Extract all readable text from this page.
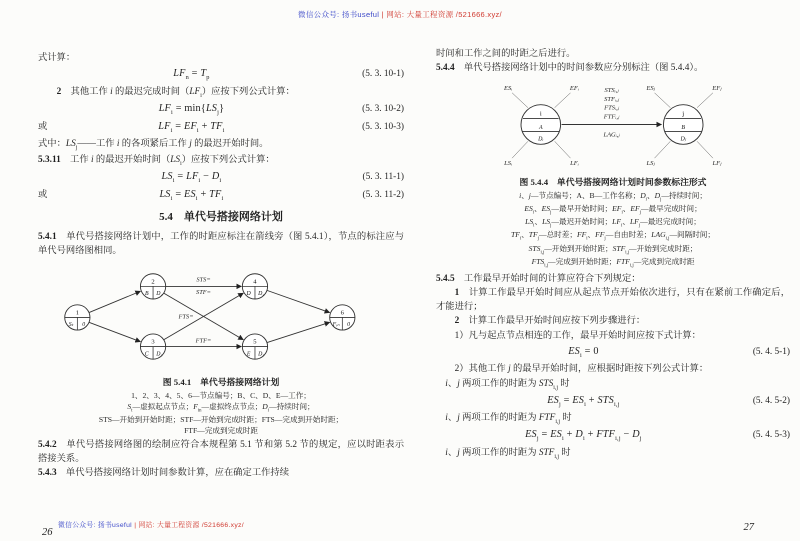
微信公众号: 扬书useful | 网站: 大量工程资源 /521666.xyz/

式计算：

$LF_n = T_p$	(5. 3. 10-1)

2　其他工作 i 的最迟完成时间$(LF_i)$应按下列公式计算：

$LF_i = \min\{LS_j\}$	(5. 3. 10-2)
或	$LF_i = EF_i + TF_i$	(5. 3. 10-3)

式中：$LS_j——$工作 i 的各项紧后工作 j 的最迟开始时间。

5.3.11　工作 i 的最迟开始时间$(LS_i)$应按下列公式计算：

$LS_i = LF_i - D_i$	(5. 3. 11-1)
或	$LS_i = ES_i + TF_i$	(5. 3. 11-2)
5.4　单代号搭接网络计划

5.4.1　单代号搭接网络计划中，工作的时距应标注在箭线旁（图 5.4.1），节点的标注应与单代号网络图相同。

STS=
STF=
FTS=
FTF=
1
Sₜ 0
2
B D₂
3
C D₃
4
D D₄
5
E D₅
6
Fᵢₙ 0

图 5.4.1　单代号搭接网络计划

1、2、3、4、5、6—节点编号；B、C、D、E—工作；
$S_t—$虚拟起点节点；$F_{in}—$虚拟终点节点；$D_i—$持续时间；
STS—开始到开始时距；STF—开始到完成时距；FTS—完成到开始时距；
FTF—完成到完成时距

5.4.2　单代号搭接网络图的绘制应符合本规程第 5.1 节和第 5.2 节的规定，应以时距表示搭接关系。

5.4.3　单代号搭接网络计划时间参数计算，应在确定工作持续

时间和工作之间的时距之后进行。

5.4.4　单代号搭接网络计划中的时间参数应分别标注（图 5.4.4）。

STSᵢ,ⱼ
STFᵢ,ⱼ
FTSᵢ,ⱼ
FTFᵢ,ⱼ
LAGᵢ,ⱼ
ESᵢ	EFᵢ
LSᵢ	LFᵢ
ESⱼ	EFⱼ
LSⱼ	LFⱼ
i
A
Dᵢ
j
B
Dⱼ

图 5.4.4　单代号搭接网络计划时间参数标注形式

i、j—节点编号；A、B—工作名称；$D_i$、$D_j—$持续时间；
$ES_i$、$ES_j—$最早开始时间；$EF_i$、$EF_j—$最早完成时间；
$LS_i$、$LS_j—$最迟开始时间；$LF_i$、$LF_j—$最迟完成时间；
$TF_i$、$TF_j—$总时差；$FF_i$、$FF_j—$自由时差；$LAG_{i,j}—$间隔时间；
$STS_{i,j}—$开始到开始时距；$STF_{i,j}—$开始到完成时距；
$FTS_{i,j}—$完成到开始时距；$FTF_{i,j}—$完成到完成时距

5.4.5　工作最早开始时间的计算应符合下列规定：

1　计算工作最早开始时间应从起点节点开始依次进行，只有在紧前工作确定后，才能进行；

2　计算工作最早开始时间应按下列步骤进行：

1）凡与起点节点相连的工作，最早开始时间应按下式计算：

$ES_i = 0$	(5. 4. 5-1)

2）其他工作 j 的最早开始时间，应根据时距按下列公式计算：

i、j 两项工作的时距为 $STS_{i,j}$ 时

$ES_j = ES_i + STS_{i,j}$	(5. 4. 5-2)

i、j 两项工作的时距为 $FTF_{i,j}$ 时

$ES_j = ES_i + D_i + FTF_{i,j} - D_j$	(5. 4. 5-3)

i、j 两项工作的时距为 $STF_{i,j}$ 时

微信公众号: 扬书useful | 网站: 大量工程资源 /521666.xyz/
26	27
